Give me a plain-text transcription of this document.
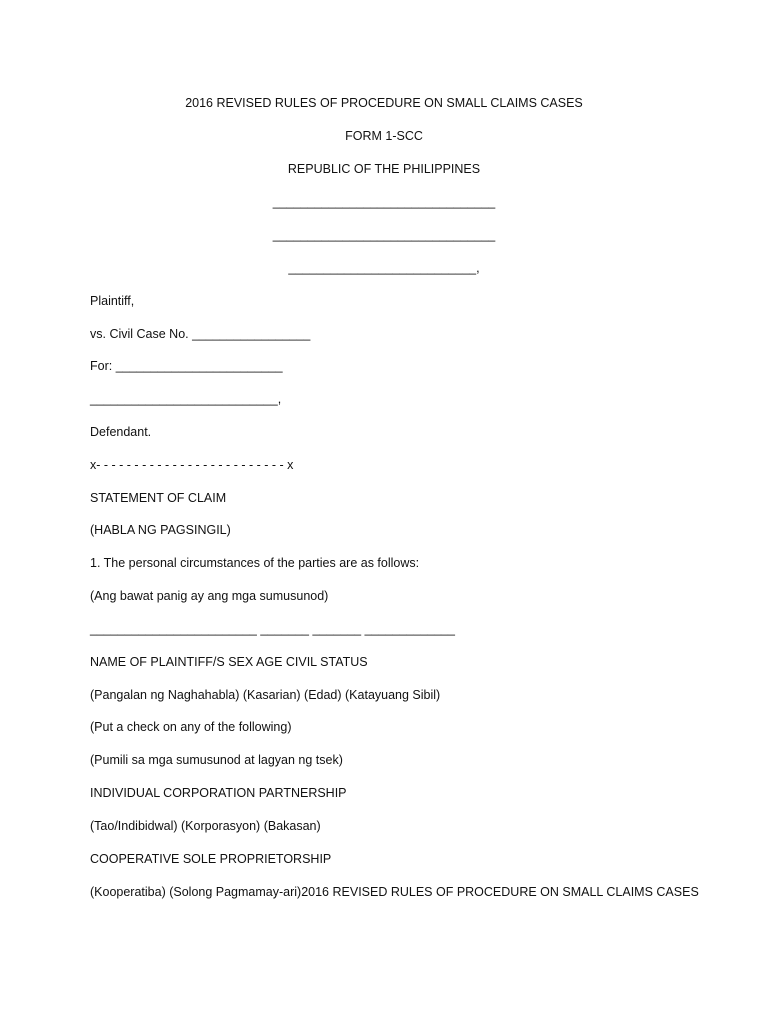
2016 REVISED RULES OF PROCEDURE ON SMALL CLAIMS CASES
FORM 1-SCC
REPUBLIC OF THE PHILIPPINES
________________________________
________________________________
___________________________,
Plaintiff,
vs. Civil Case No. _________________
For: ________________________
___________________________,
Defendant.
x- - - - - - - - - - - - - - - - - - - - - - - - - x
STATEMENT OF CLAIM
(HABLA NG PAGSINGIL)
1. The personal circumstances of the parties are as follows:
(Ang bawat panig ay ang mga sumusunod)
________________________ _______ _______ _____________
NAME OF PLAINTIFF/S SEX AGE CIVIL STATUS
(Pangalan ng Naghahabla) (Kasarian) (Edad) (Katayuang Sibil)
(Put a check on any of the following)
(Pumili sa mga sumusunod at lagyan ng tsek)
INDIVIDUAL CORPORATION PARTNERSHIP
(Tao/Indibidwal) (Korporasyon) (Bakasan)
COOPERATIVE SOLE PROPRIETORSHIP
(Kooperatiba) (Solong Pagmamay-ari)2016 REVISED RULES OF PROCEDURE ON SMALL CLAIMS CASES
